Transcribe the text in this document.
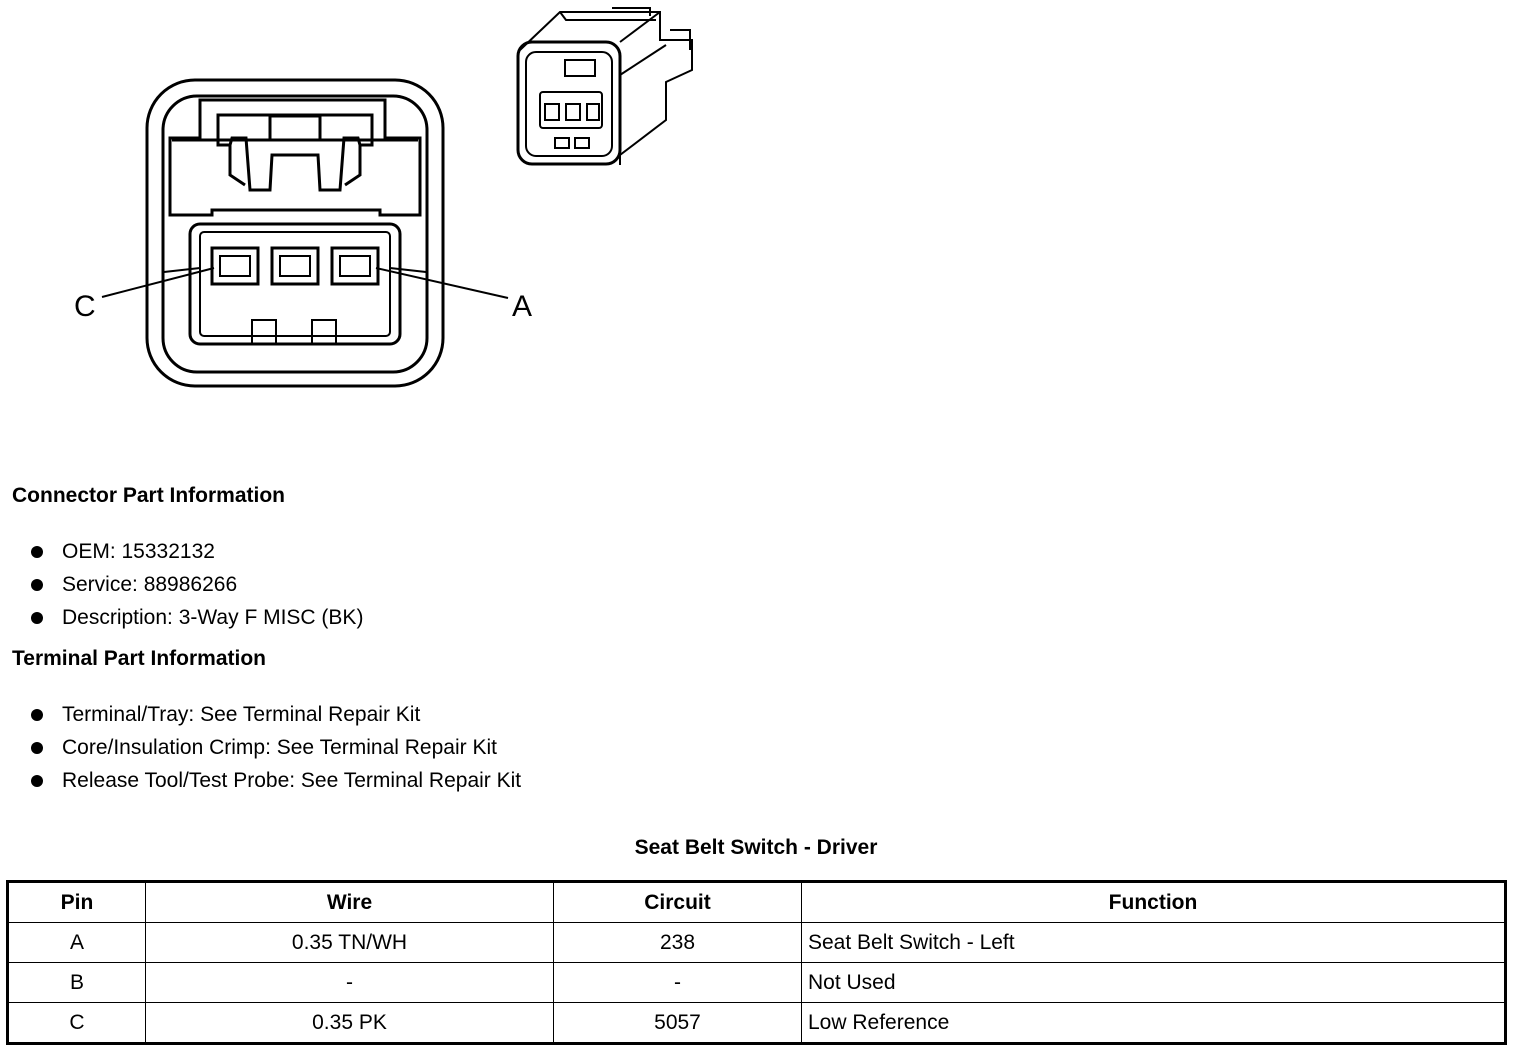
C	A

Connector Part Information

OEM: 15332132
Service: 88986266
Description: 3-Way F MISC (BK)

Terminal Part Information

Terminal/Tray: See Terminal Repair Kit
Core/Insulation Crimp: See Terminal Repair Kit
Release Tool/Test Probe: See Terminal Repair Kit
Seat Belt Switch - Driver
Pin	Wire	Circuit	Function
A	0.35 TN/WH	238	Seat Belt Switch - Left
B	-	-	Not Used
C	0.35 PK	5057	Low Reference
